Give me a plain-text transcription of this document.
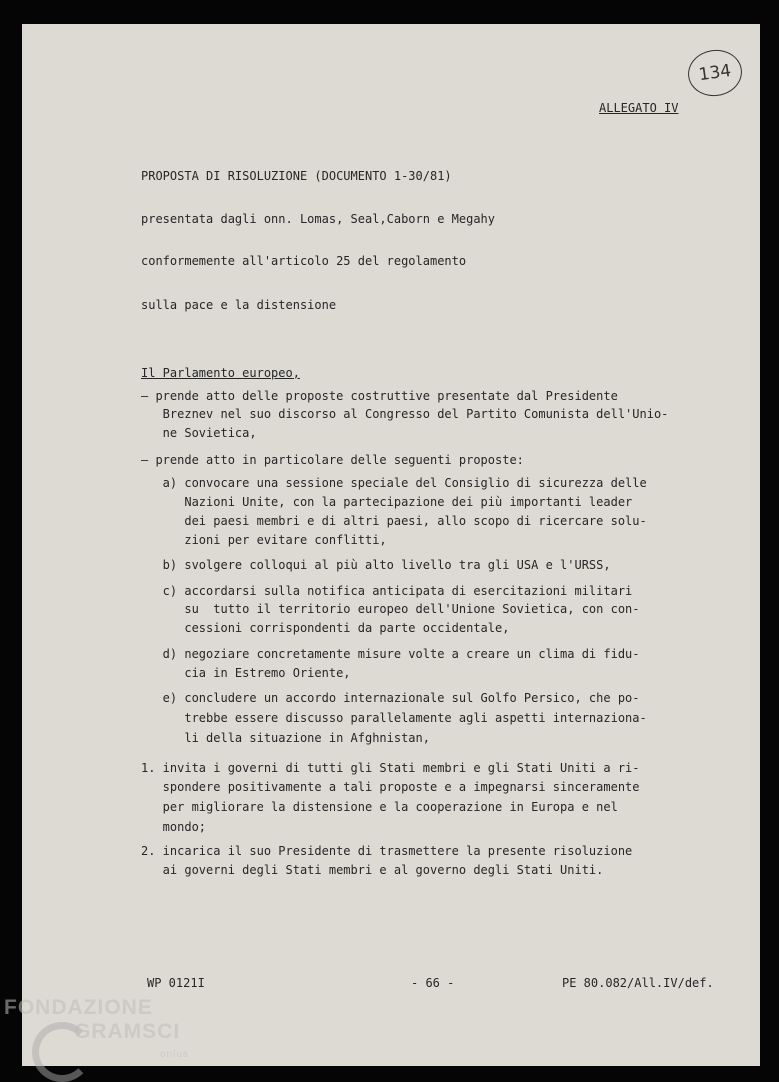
134
ALLEGATO IV
PROPOSTA DI RISOLUZIONE (DOCUMENTO 1-30/81)
presentata dagli onn. Lomas, Seal,Caborn e Megahy
conformemente all'articolo 25 del regolamento
sulla pace e la distensione
Il Parlamento europeo,
– prende atto delle proposte costruttive presentate dal Presidente
Breznev nel suo discorso al Congresso del Partito Comunista dell'Unio-
ne Sovietica,
– prende atto in particolare delle seguenti proposte:
a) convocare una sessione speciale del Consiglio di sicurezza delle
Nazioni Unite, con la partecipazione dei più importanti leader
dei paesi membri e di altri paesi, allo scopo di ricercare solu-
zioni per evitare conflitti,
b) svolgere colloqui al più alto livello tra gli USA e l'URSS,
c) accordarsi sulla notifica anticipata di esercitazioni militari
su  tutto il territorio europeo dell'Unione Sovietica, con con-
cessioni corrispondenti da parte occidentale,
d) negoziare concretamente misure volte a creare un clima di fidu-
cia in Estremo Oriente,
e) concludere un accordo internazionale sul Golfo Persico, che po-
trebbe essere discusso parallelamente agli aspetti internaziona-
li della situazione in Afghnistan,
1. invita i governi di tutti gli Stati membri e gli Stati Uniti a ri-
spondere positivamente a tali proposte e a impegnarsi sinceramente
per migliorare la distensione e la cooperazione in Europa e nel
mondo;
2. incarica il suo Presidente di trasmettere la presente risoluzione
ai governi degli Stati membri e al governo degli Stati Uniti.
WP 0121I	- 66 -	PE 80.082/All.IV/def.
FONDAZIONE
GRAMSCI
onlus
